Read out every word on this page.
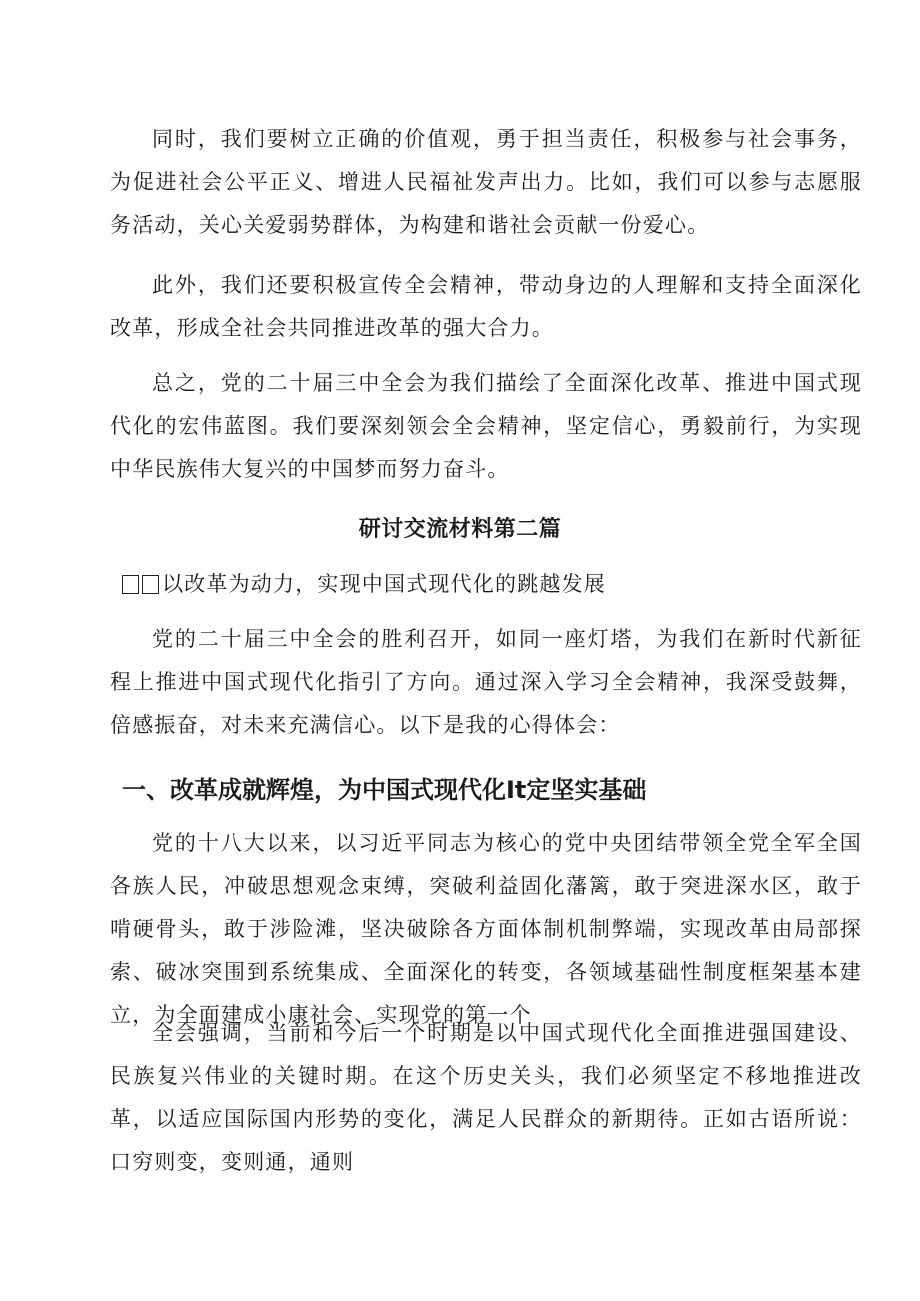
同时，我们要树立正确的价值观，勇于担当责任，积极参与社会事务，为促进社会公平正义、增进人民福祉发声出力。比如，我们可以参与志愿服务活动，关心关爱弱势群体，为构建和谐社会贡献一份爱心。

此外，我们还要积极宣传全会精神，带动身边的人理解和支持全面深化改革，形成全社会共同推进改革的强大合力。

总之，党的二十届三中全会为我们描绘了全面深化改革、推进中国式现代化的宏伟蓝图。我们要深刻领会全会精神，坚定信心，勇毅前行，为实现中华民族伟大复兴的中国梦而努力奋斗。

研讨交流材料第二篇

以改革为动力，实现中国式现代化的跳越发展

党的二十届三中全会的胜利召开，如同一座灯塔，为我们在新时代新征程上推进中国式现代化指引了方向。通过深入学习全会精神，我深受鼓舞，倍感振奋，对未来充满信心。以下是我的心得体会：

一、改革成就辉煌，为中国式现代化It定坚实基础

党的十八大以来，以习近平同志为核心的党中央团结带领全党全军全国各族人民，冲破思想观念束缚，突破利益固化藩篱，敢于突进深水区，敢于啃硬骨头，敢于涉险滩，坚决破除各方面体制机制弊端，实现改革由局部探索、破冰突围到系统集成、全面深化的转变，各领域基础性制度框架基本建立，为全面建成小康社会、实现党的第一个

全会强调，当前和今后一个时期是以中国式现代化全面推进强国建设、民族复兴伟业的关键时期。在这个历史关头，我们必须坚定不移地推进改革，以适应国际国内形势的变化，满足人民群众的新期待。正如古语所说：口穷则变，变则通，通则
